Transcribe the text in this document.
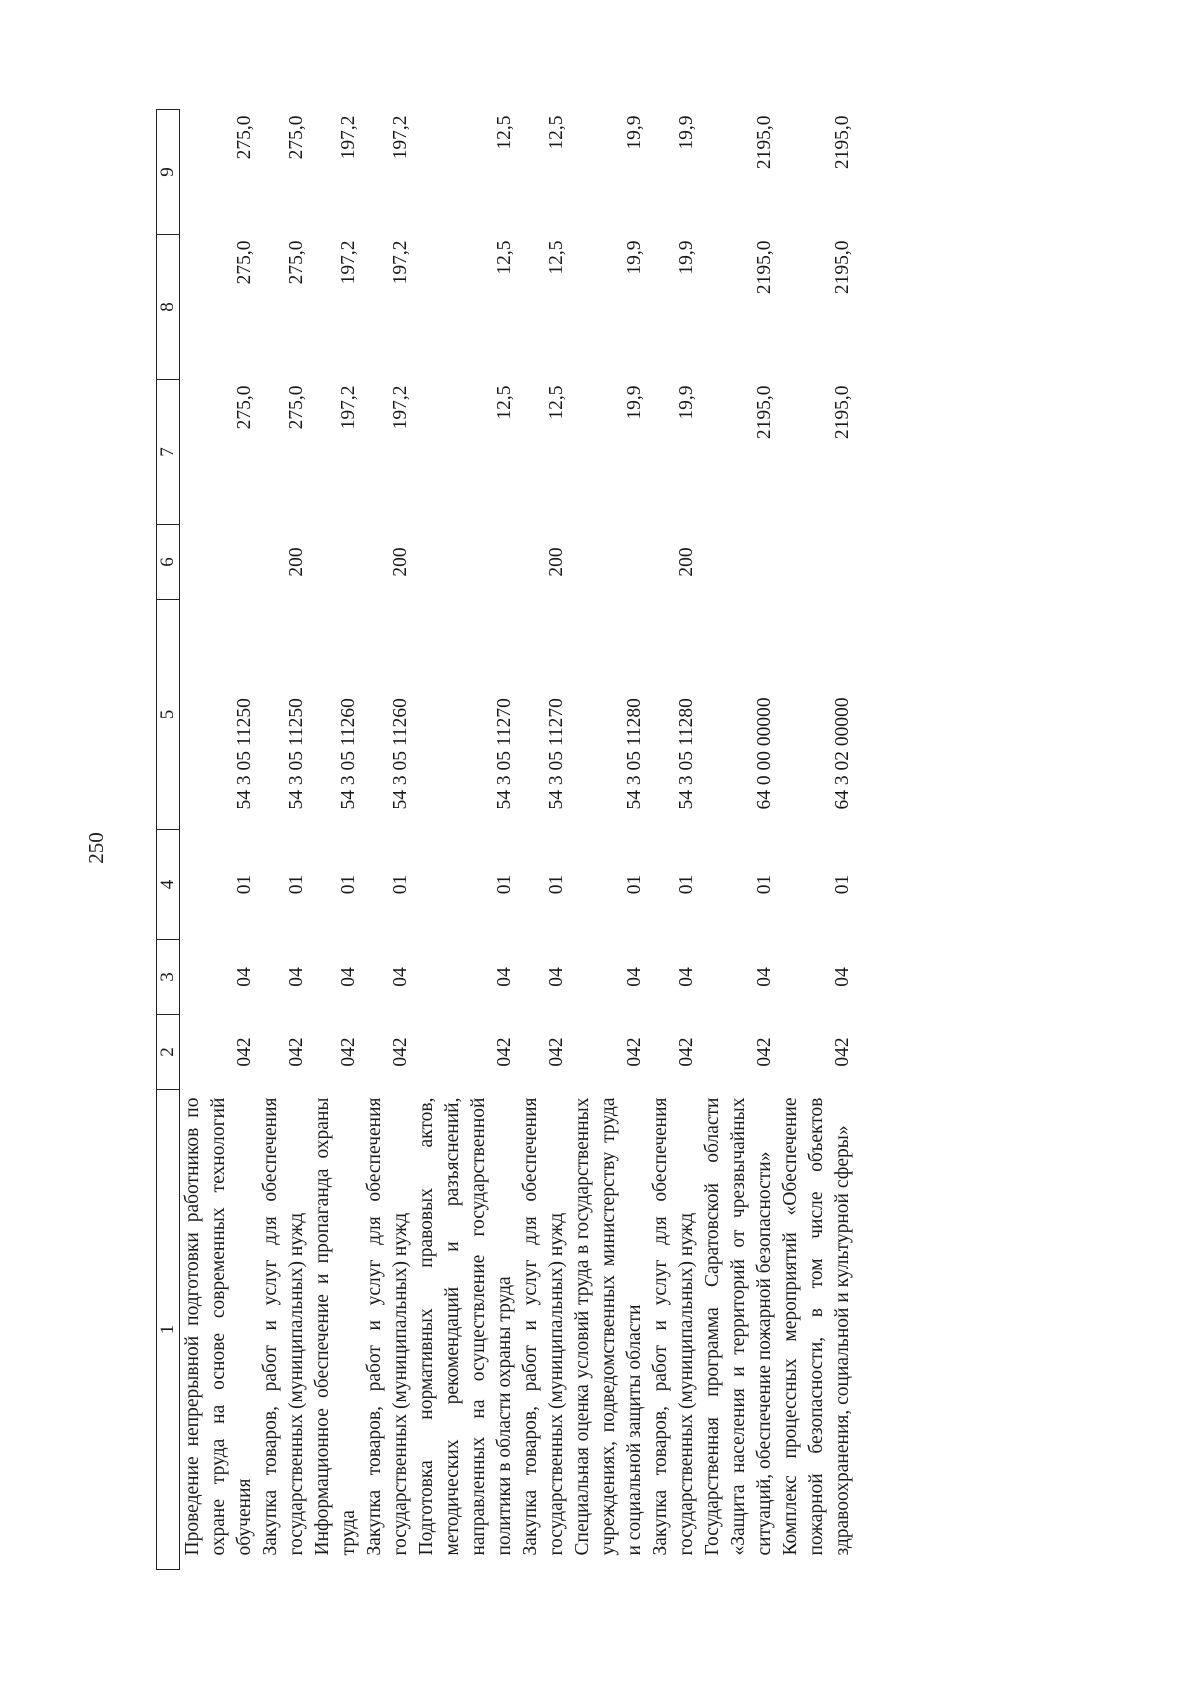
250
1	2	3	4	5	6	7	8	9
Проведение непрерывной подготовки работников по охране труда на основе современных технологий обучения	042	04	01	54 3 05 11250		275,0	275,0	275,0
Закупка товаров, работ и услуг для обеспечения государственных (муниципальных) нужд	042	04	01	54 3 05 11250	200	275,0	275,0	275,0
Информационное обеспечение и пропаганда охраны труда	042	04	01	54 3 05 11260		197,2	197,2	197,2
Закупка товаров, работ и услуг для обеспечения государственных (муниципальных) нужд	042	04	01	54 3 05 11260	200	197,2	197,2	197,2
Подготовка нормативных правовых актов, методических рекомендаций и разъяснений, направленных на осуществление государственной политики в области охраны труда	042	04	01	54 3 05 11270		12,5	12,5	12,5
Закупка товаров, работ и услуг для обеспечения государственных (муниципальных) нужд	042	04	01	54 3 05 11270	200	12,5	12,5	12,5
Специальная оценка условий труда в государственных учреждениях, подведомственных министерству труда и социальной защиты области	042	04	01	54 3 05 11280		19,9	19,9	19,9
Закупка товаров, работ и услуг для обеспечения государственных (муниципальных) нужд	042	04	01	54 3 05 11280	200	19,9	19,9	19,9
Государственная программа Саратовской области «Защита населения и территорий от чрезвычайных ситуаций, обеспечение пожарной безопасности»	042	04	01	64 0 00 00000		2195,0	2195,0	2195,0
Комплекс процессных мероприятий «Обеспечение пожарной безопасности, в том числе объектов здравоохранения, социальной и культурной сферы»	042	04	01	64 3 02 00000		2195,0	2195,0	2195,0
